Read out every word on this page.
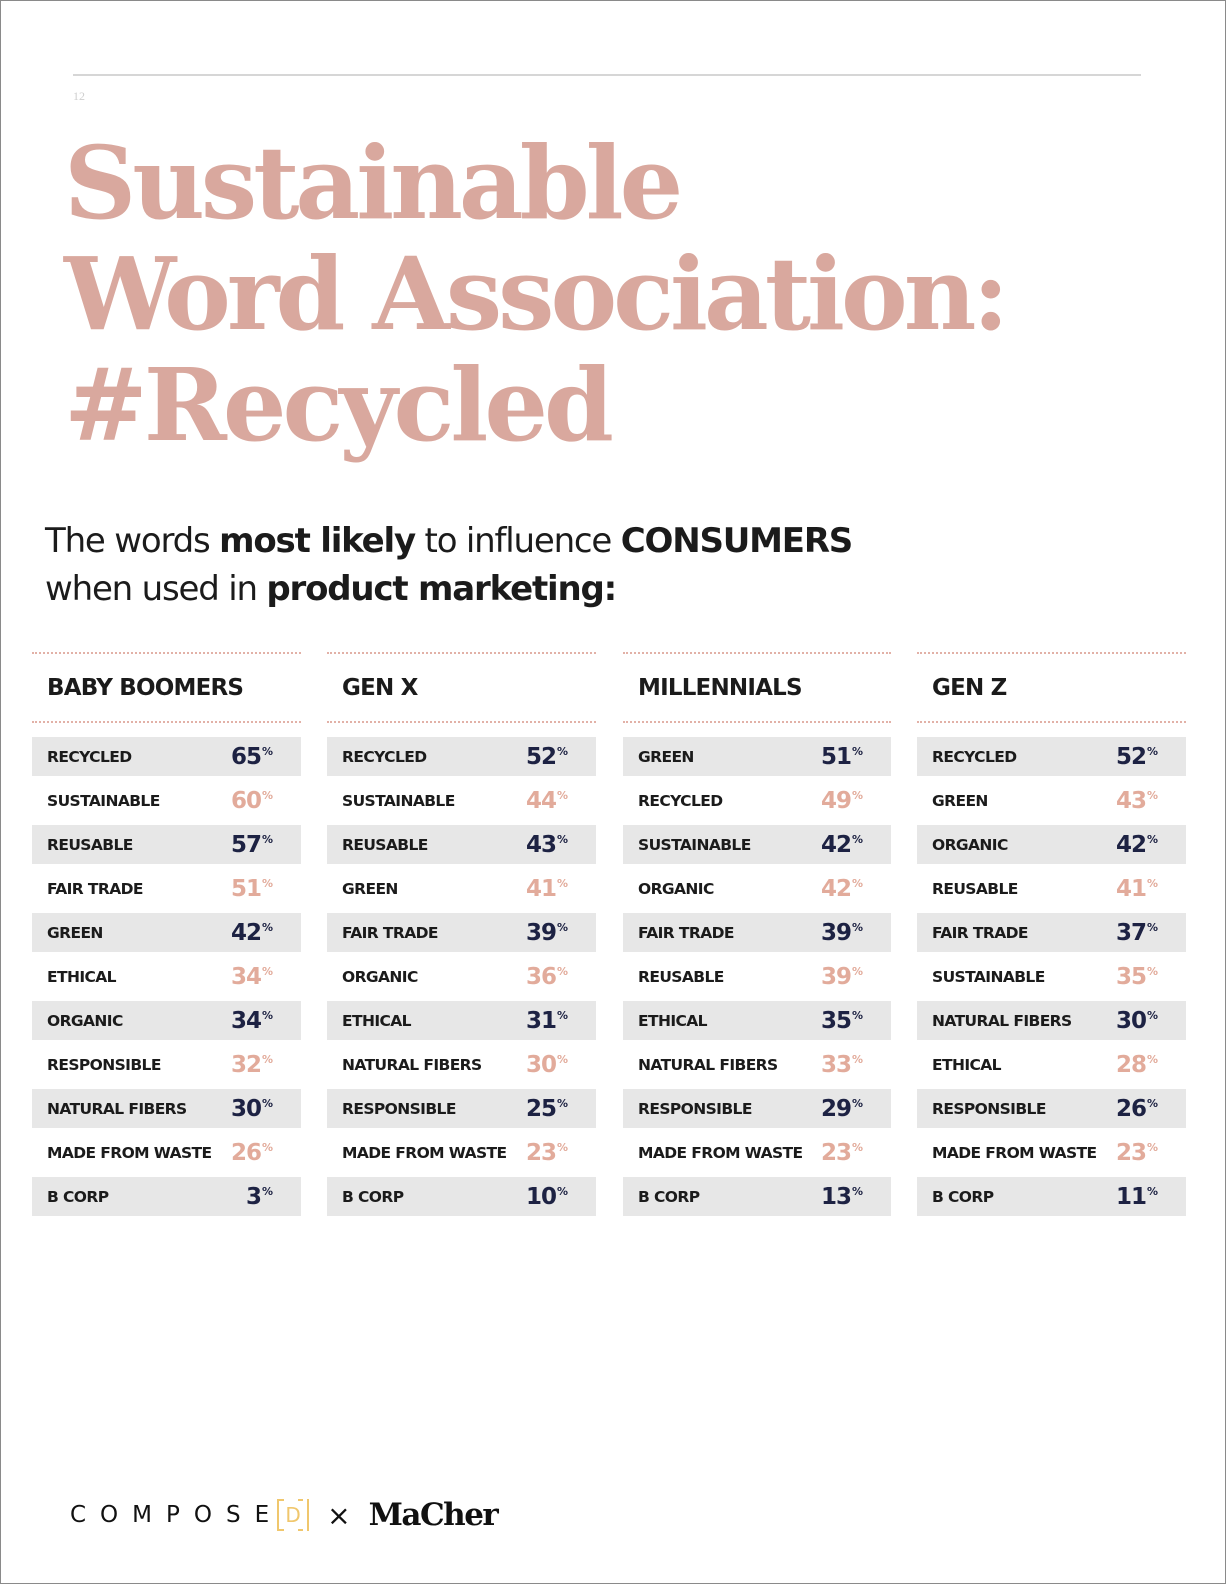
12
Sustainable
Word Association:
#Recycled

The words most likely to influence CONSUMERS
when used in product marketing:

BABY BOOMERS
RECYCLED	65%
SUSTAINABLE	60%
REUSABLE	57%
FAIR TRADE	51%
GREEN	42%
ETHICAL	34%
ORGANIC	34%
RESPONSIBLE	32%
NATURAL FIBERS 30%
MADE FROM WASTE 26%
B CORP	3%
GEN X
RECYCLED	52%
SUSTAINABLE	44%
REUSABLE	43%
GREEN	41%
FAIR TRADE	39%
ORGANIC	36%
ETHICAL	31%
NATURAL FIBERS 30%
RESPONSIBLE	25%
MADE FROM WASTE 23%
B CORP	10%
MILLENNIALS
GREEN	51%
RECYCLED	49%
SUSTAINABLE	42%
ORGANIC	42%
FAIR TRADE	39%
REUSABLE	39%
ETHICAL	35%
NATURAL FIBERS 33%
RESPONSIBLE	29%
MADE FROM WASTE 23%
B CORP	13%
GEN Z
RECYCLED	52%
GREEN	43%
ORGANIC	42%
REUSABLE	41%
FAIR TRADE	37%
SUSTAINABLE	35%
NATURAL FIBERS 30%
ETHICAL	28%
RESPONSIBLE	26%
MADE FROM WASTE 23%
B CORP	11%
COMPOSE D × MaCher
